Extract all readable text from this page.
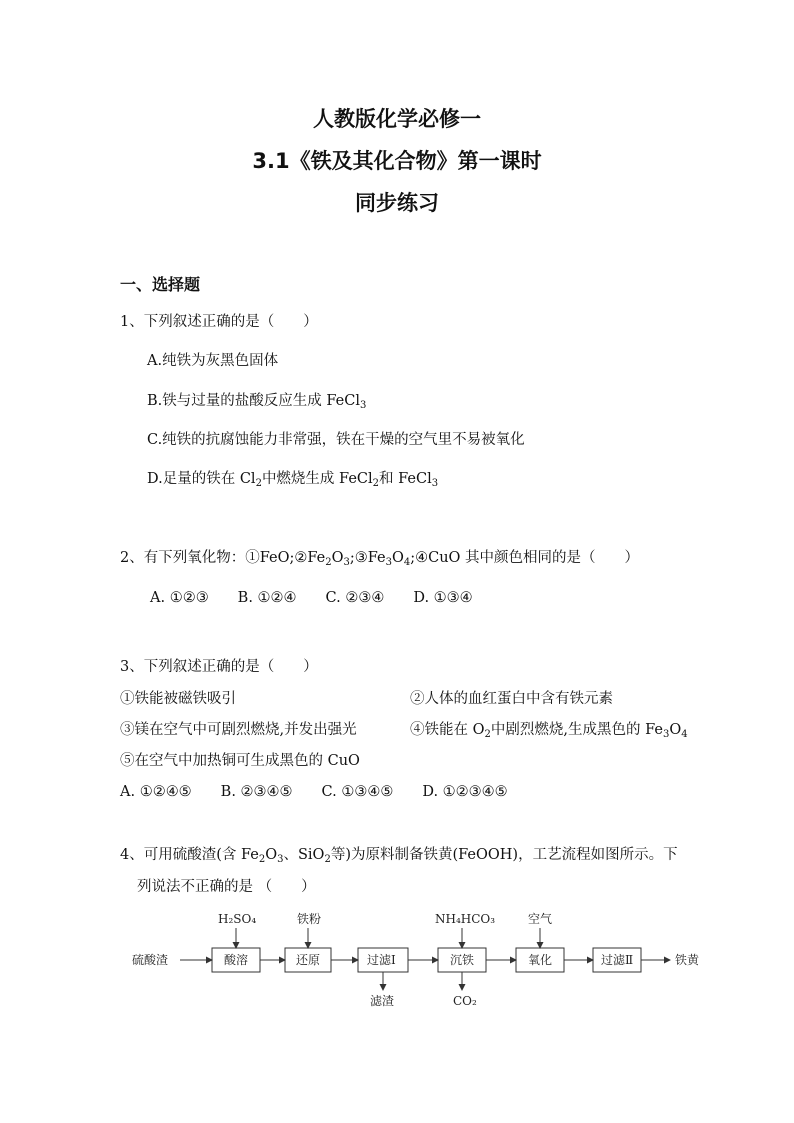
人教版化学必修一
3.1《铁及其化合物》第一课时
同步练习
一、选择题
1、下列叙述正确的是（　　）
A.纯铁为灰黑色固体
B.铁与过量的盐酸反应生成 FeCl$_3$
C.纯铁的抗腐蚀能力非常强，铁在干燥的空气里不易被氧化
D.足量的铁在 $Cl_2$中燃烧生成 FeCl$_2$和 FeCl$_3$
2、有下列氧化物：$①FeO;②Fe_2O_3;③Fe_3O_4;④CuO$ 其中颜色相同的是（　　）
A. ①②③　　B. ①②④　　C. ②③④　　D. ①③④
3、下列叙述正确的是（　　）
①铁能被磁铁吸引	②人体的血红蛋白中含有铁元素
③镁在空气中可剧烈燃烧,并发出强光	④铁能在 $O_2$中剧烈燃烧,生成黑色的 $Fe_3O_4$
⑤在空气中加热铜可生成黑色的 CuO
A. ①②④⑤　　B. ②③④⑤　　C. ①③④⑤　　D. ①②③④⑤
4、可用硫酸渣(含 $Fe_2O_3$、SiO$_2$等)为原料制备铁黄(FeOOH)，工艺流程如图所示。下
列说法不正确的是 （　　）
硫酸渣	酸溶	还原	过滤Ⅰ	沉铁	氧化	过滤Ⅱ	铁黄
H₂SO₄	铁粉	NH₄HCO₃	空气
滤渣	CO₂
